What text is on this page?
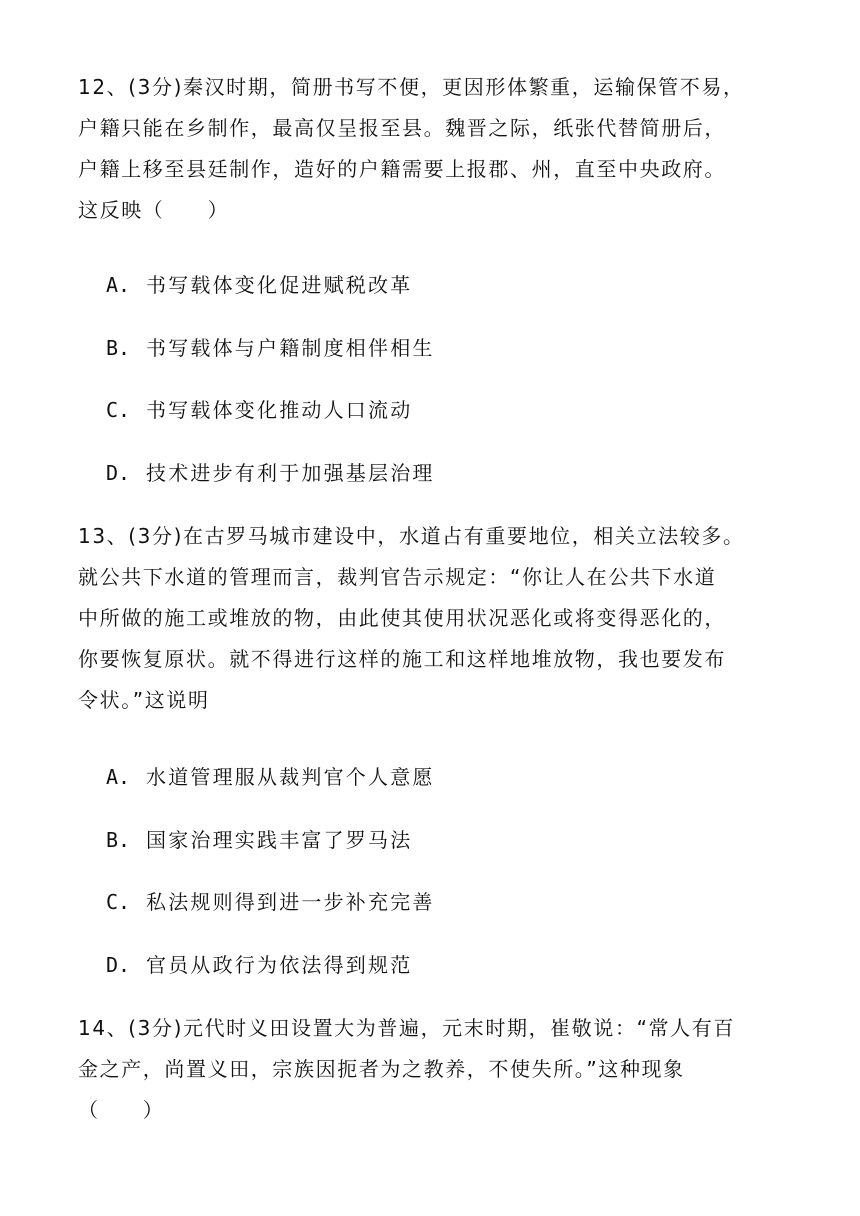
12、(3分)秦汉时期，简册书写不便，更因形体繁重，运输保管不易，
户籍只能在乡制作，最高仅呈报至县。魏晋之际，纸张代替简册后，
户籍上移至县廷制作，造好的户籍需要上报郡、州，直至中央政府。
这反映（　　）
A. 书写载体变化促进赋税改革
B. 书写载体与户籍制度相伴相生
C. 书写载体变化推动人口流动
D. 技术进步有利于加强基层治理
13、(3分)在古罗马城市建设中，水道占有重要地位，相关立法较多。
就公共下水道的管理而言，裁判官告示规定：“你让人在公共下水道
中所做的施工或堆放的物，由此使其使用状况恶化或将变得恶化的，
你要恢复原状。就不得进行这样的施工和这样地堆放物，我也要发布
令状。”这说明
A. 水道管理服从裁判官个人意愿
B. 国家治理实践丰富了罗马法
C. 私法规则得到进一步补充完善
D. 官员从政行为依法得到规范
14、(3分)元代时义田设置大为普遍，元末时期，崔敬说：“常人有百
金之产，尚置义田，宗族因扼者为之教养，不使失所。”这种现象
（　　）
